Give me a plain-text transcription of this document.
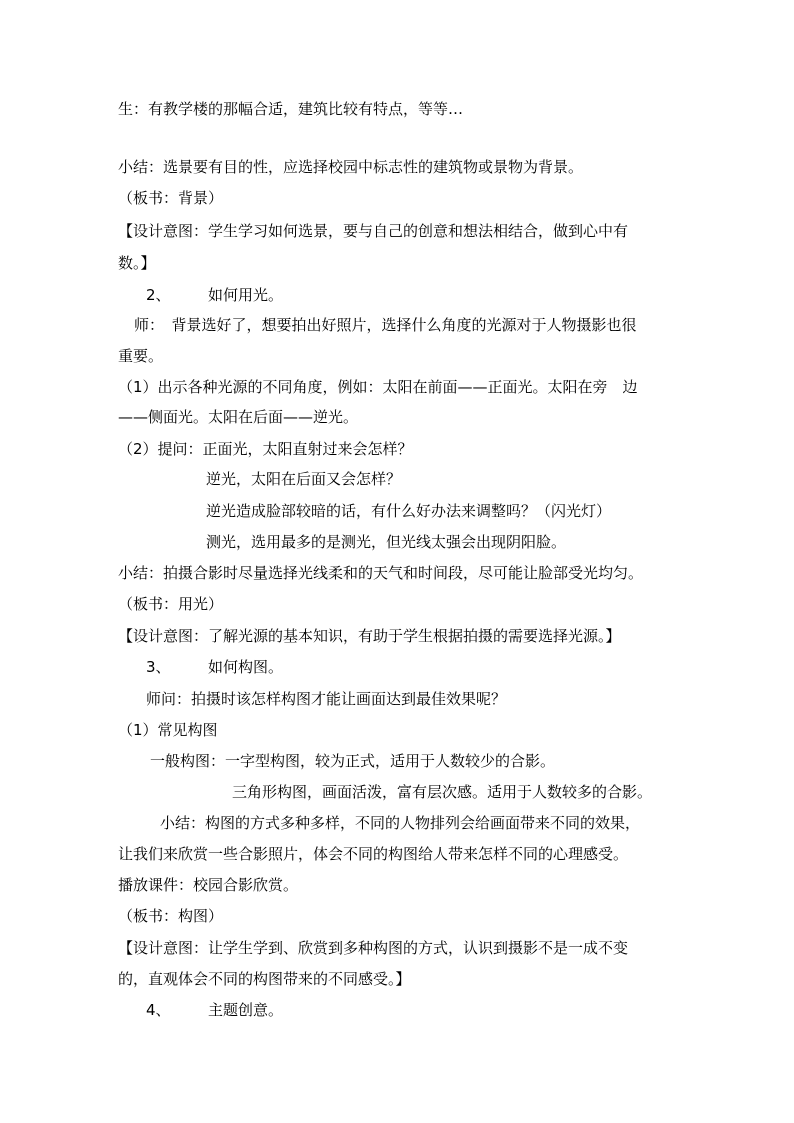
生：有教学楼的那幅合适，建筑比较有特点，等等…

小结：选景要有目的性，应选择校园中标志性的建筑物或景物为背景。

（板书：背景）

【设计意图：学生学习如何选景，要与自己的创意和想法相结合，做到心中有

数。】

2、　　　如何用光。

师：　背景选好了，想要拍出好照片，选择什么角度的光源对于人物摄影也很

重要。

（1）出示各种光源的不同角度，例如：太阳在前面——正面光。太阳在旁　边

——侧面光。太阳在后面——逆光。

（2）提问：正面光，太阳直射过来会怎样？

逆光，太阳在后面又会怎样？

逆光造成脸部较暗的话，有什么好办法来调整吗？（闪光灯）

测光，选用最多的是测光，但光线太强会出现阴阳脸。

小结：拍摄合影时尽量选择光线柔和的天气和时间段，尽可能让脸部受光均匀。

（板书：用光）

【设计意图：了解光源的基本知识，有助于学生根据拍摄的需要选择光源。】

3、　　　如何构图。

师问：拍摄时该怎样构图才能让画面达到最佳效果呢？

（1）常见构图

一般构图：一字型构图，较为正式，适用于人数较少的合影。

三角形构图，画面活泼，富有层次感。适用于人数较多的合影。

小结：构图的方式多种多样，不同的人物排列会给画面带来不同的效果，

让我们来欣赏一些合影照片，体会不同的构图给人带来怎样不同的心理感受。

播放课件：校园合影欣赏。

（板书：构图）

【设计意图：让学生学到、欣赏到多种构图的方式，认识到摄影不是一成不变

的，直观体会不同的构图带来的不同感受。】

4、　　　主题创意。
